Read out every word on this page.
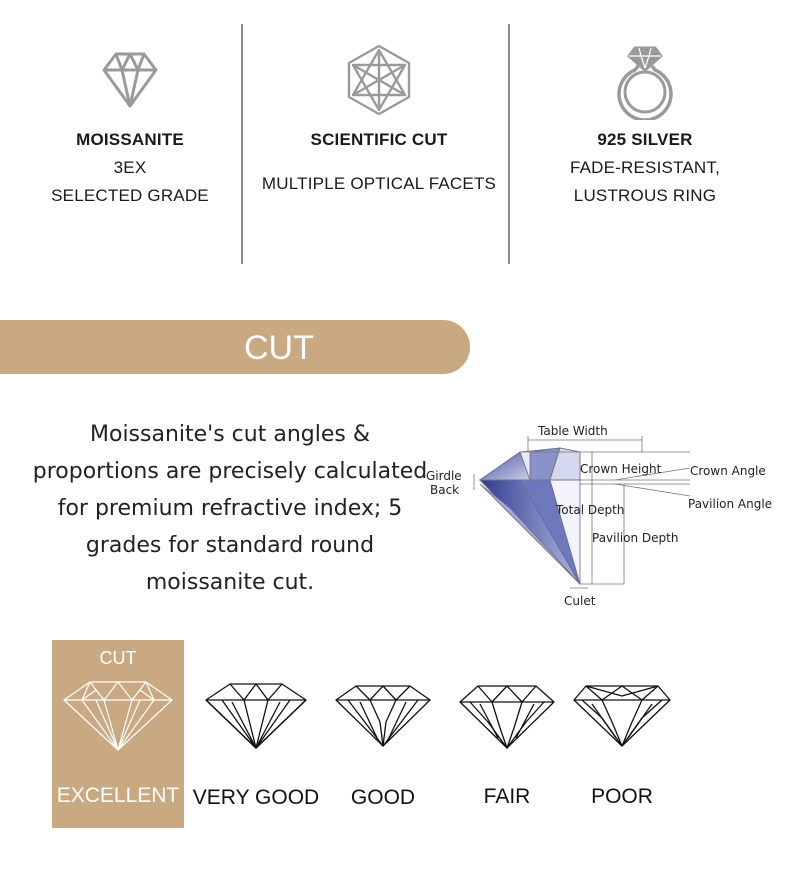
MOISSANITE
3EX
SELECTED GRADE
SCIENTIFIC CUT
MULTIPLE OPTICAL FACETS
925 SILVER
FADE-RESISTANT,
LUSTROUS RING
CUT
Moissanite's cut angles & proportions are precisely calculated for premium refractive index; 5 grades for standard round moissanite cut.
Table Width
Crown Height Crown Angle
Girdle
Back
Pavilion Angle
Total Depth
Pavilion Depth
Culet
CUT
EXCELLENT VERY GOOD	GOOD	FAIR	POOR
